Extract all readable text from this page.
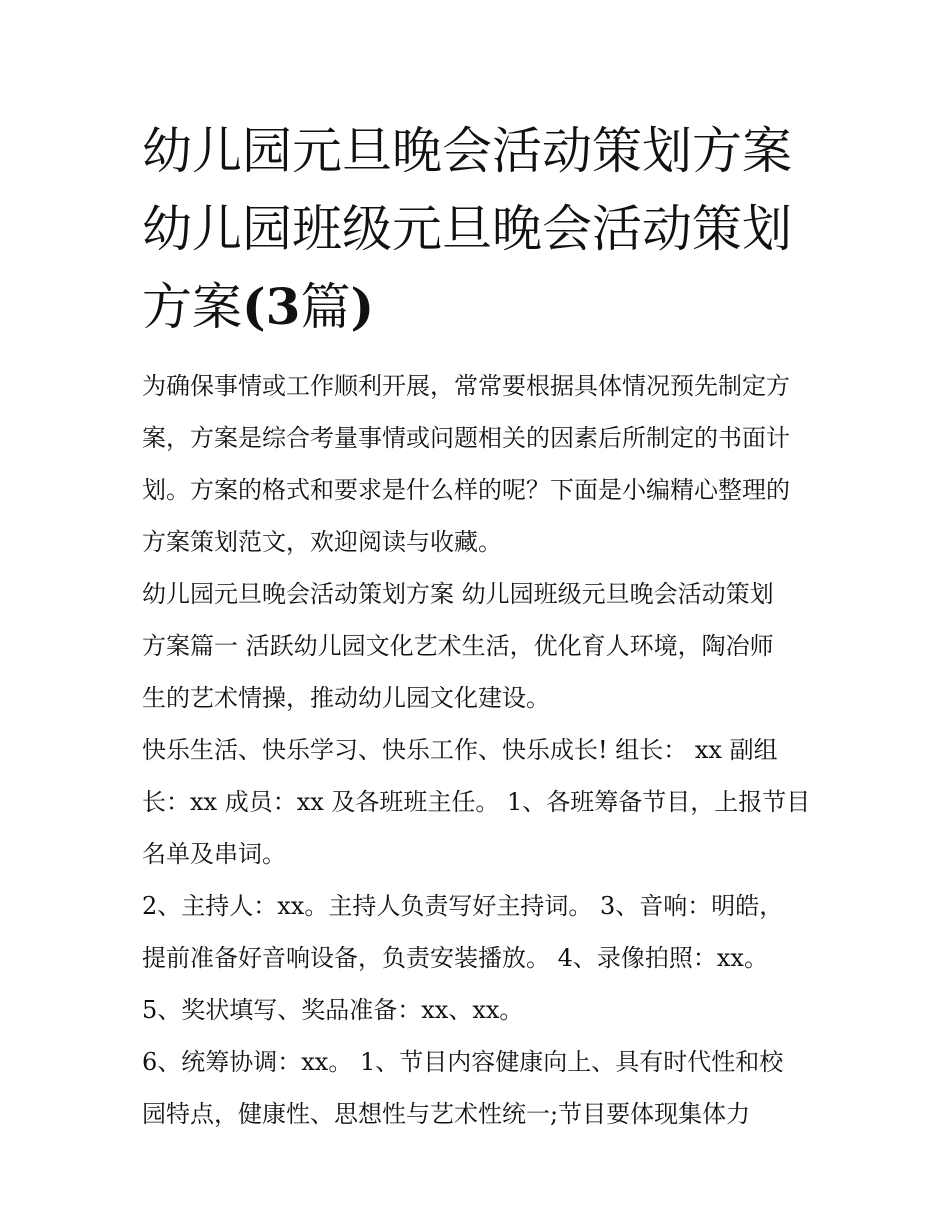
幼儿园元旦晚会活动策划方案
幼儿园班级元旦晚会活动策划
方案(3篇)
为确保事情或工作顺利开展，常常要根据具体情况预先制定方
案，方案是综合考量事情或问题相关的因素后所制定的书面计
划。方案的格式和要求是什么样的呢？下面是小编精心整理的
方案策划范文，欢迎阅读与收藏。
幼儿园元旦晚会活动策划方案 幼儿园班级元旦晚会活动策划
方案篇一 活跃幼儿园文化艺术生活，优化育人环境，陶冶师
生的艺术情操，推动幼儿园文化建设。
快乐生活、快乐学习、快乐工作、快乐成长! 组长： xx 副组
长：xx 成员：xx 及各班班主任。 1、各班筹备节目，上报节目
名单及串词。
2、主持人：xx。主持人负责写好主持词。 3、音响：明皓，
提前准备好音响设备，负责安装播放。 4、录像拍照：xx。
5、奖状填写、奖品准备：xx、xx。
6、统筹协调：xx。 1、节目内容健康向上、具有时代性和校
园特点，健康性、思想性与艺术性统一;节目要体现集体力
